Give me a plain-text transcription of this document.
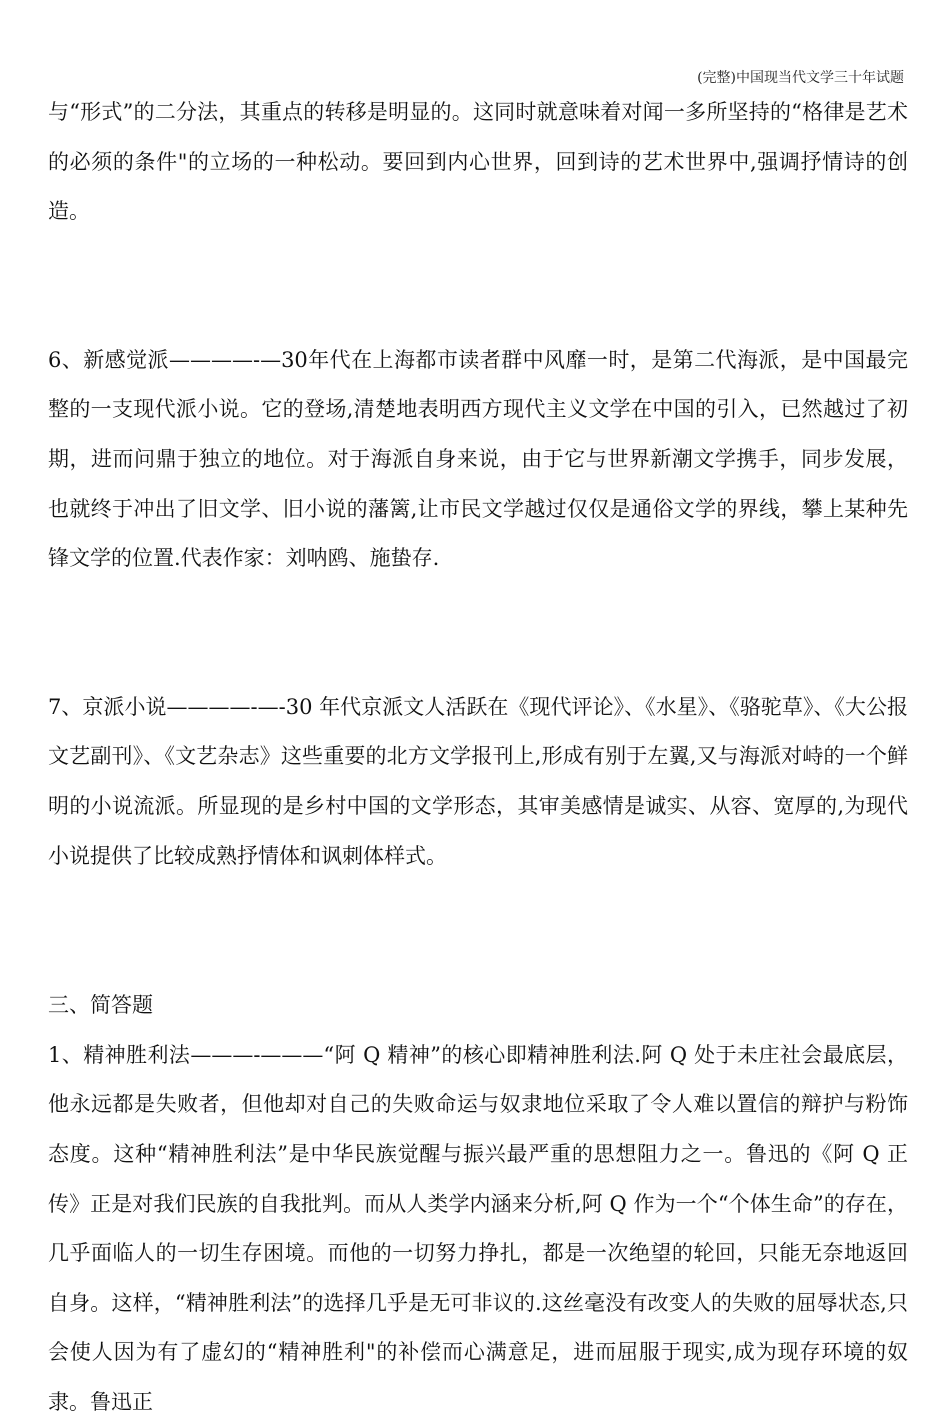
(完整)中国现当代文学三十年试题

与“形式”的二分法，其重点的转移是明显的。这同时就意味着对闻一多所坚持的“格律是艺术的必须的条件"的立场的一种松动。要回到内心世界，回到诗的艺术世界中,强调抒情诗的创造。

6、新感觉派————-—30年代在上海都市读者群中风靡一时，是第二代海派，是中国最完整的一支现代派小说。它的登场,清楚地表明西方现代主义文学在中国的引入，已然越过了初期，进而问鼎于独立的地位。对于海派自身来说，由于它与世界新潮文学携手，同步发展，也就终于冲出了旧文学、旧小说的藩篱,让市民文学越过仅仅是通俗文学的界线，攀上某种先锋文学的位置.代表作家：刘呐鸥、施蛰存.

7、京派小说————-—-30 年代京派文人活跃在《现代评论》、《水星》、《骆驼草》、《大公报 文艺副刊》、《文艺杂志》这些重要的北方文学报刊上,形成有别于左翼,又与海派对峙的一个鲜明的小说流派。所显现的是乡村中国的文学形态，其审美感情是诚实、从容、宽厚的,为现代小说提供了比较成熟抒情体和讽刺体样式。

三、简答题

1、精神胜利法———-———“阿 Q 精神”的核心即精神胜利法.阿 Q 处于未庄社会最底层，他永远都是失败者，但他却对自己的失败命运与奴隶地位采取了令人难以置信的辩护与粉饰态度。这种“精神胜利法”是中华民族觉醒与振兴最严重的思想阻力之一。鲁迅的《阿 Q 正传》正是对我们民族的自我批判。而从人类学内涵来分析,阿 Q 作为一个“个体生命”的存在，几乎面临人的一切生存困境。而他的一切努力挣扎，都是一次绝望的轮回，只能无奈地返回自身。这样，“精神胜利法”的选择几乎是无可非议的.这丝毫没有改变人的失败的屈辱状态,只会使人因为有了虚幻的“精神胜利"的补偿而心满意足，进而屈服于现实,成为现存环境的奴隶。鲁迅正
